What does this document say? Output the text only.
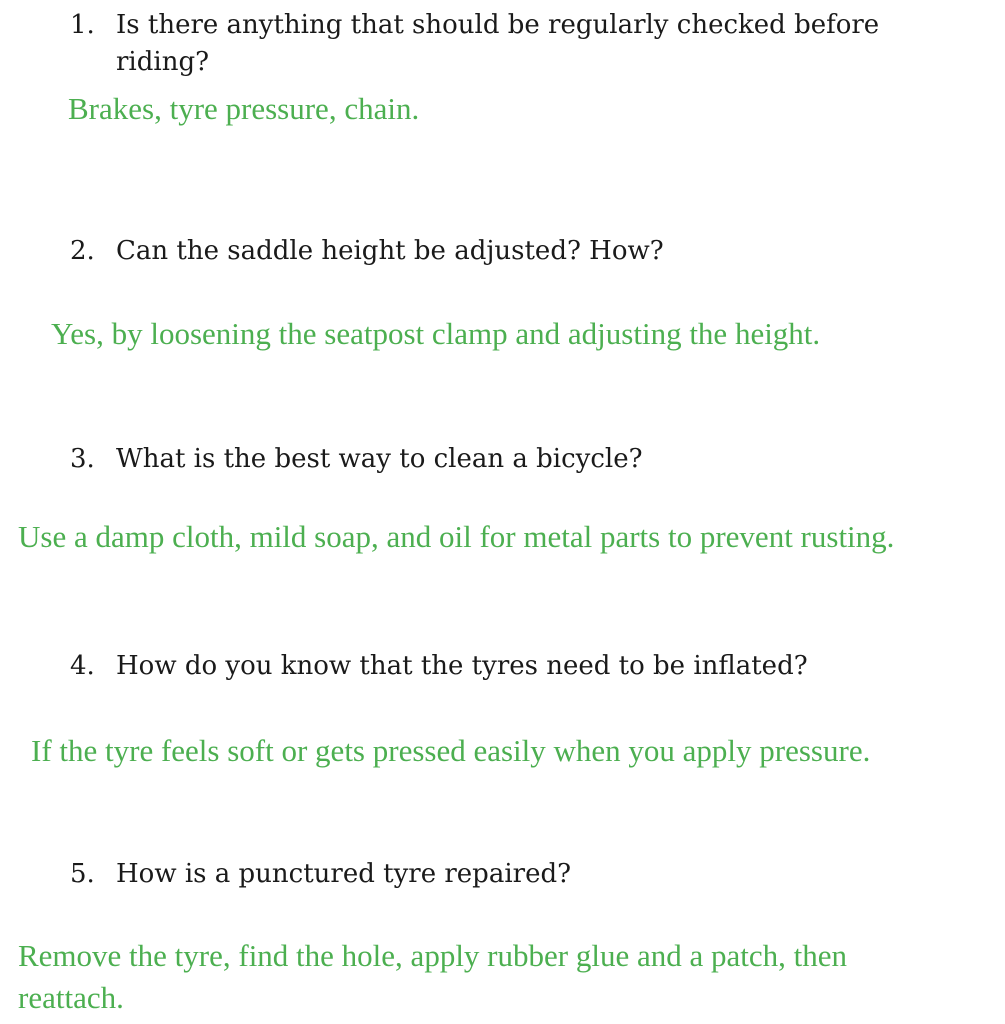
1. Is there anything that should be regularly checked before riding?

Brakes, tyre pressure, chain.

2. Can the saddle height be adjusted? How?

Yes, by loosening the seatpost clamp and adjusting the height.

3. What is the best way to clean a bicycle?

Use a damp cloth, mild soap, and oil for metal parts to prevent rusting.

4. How do you know that the tyres need to be inflated?

If the tyre feels soft or gets pressed easily when you apply pressure.

5. How is a punctured tyre repaired?

Remove the tyre, find the hole, apply rubber glue and a patch, then reattach.
